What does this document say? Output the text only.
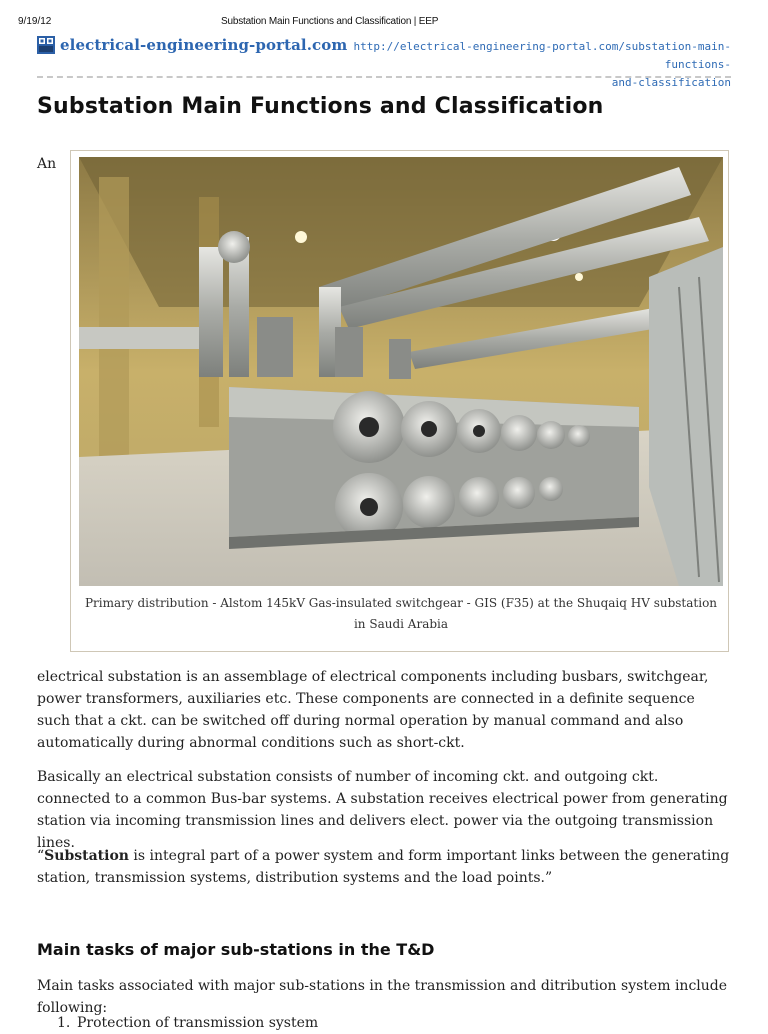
9/19/12	Substation Main Functions and Classification | EEP
electrical-engineering-portal.com http://electrical-engineering-portal.com/substation-main-functions-
and-classification
Substation Main Functions and Classification
An
Primary distribution - Alstom 145kV Gas-insulated switchgear - GIS (F35) at the Shuqaiq HV substation in Saudi Arabia

electrical substation is an assemblage of electrical components including busbars, switchgear, power transformers, auxiliaries etc. These components are connected in a definite sequence such that a ckt. can be switched off during normal operation by manual command and also automatically during abnormal conditions such as short-ckt.

Basically an electrical substation consists of number of incoming ckt. and outgoing ckt. connected to a common Bus-bar systems. A substation receives electrical power from generating station via incoming transmission lines and delivers elect. power via the outgoing transmission lines.

“Substation is integral part of a power system and form important links between the generating station, transmission systems, distribution systems and the load points.”

Main tasks of major sub-stations in the T&D

Main tasks associated with major sub-stations in the transmission and ditribution system include following:

1. Protection of transmission system
